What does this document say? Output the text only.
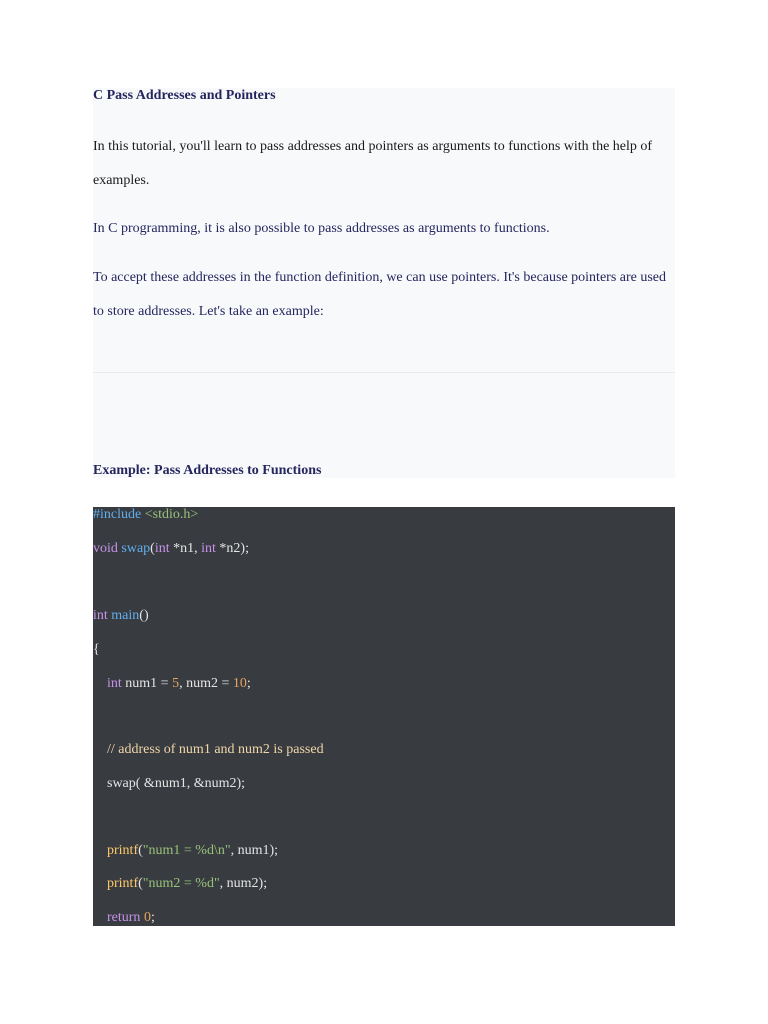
C Pass Addresses and Pointers

In this tutorial, you'll learn to pass addresses and pointers as arguments to functions with the help of examples.

In C programming, it is also possible to pass addresses as arguments to functions.

To accept these addresses in the function definition, we can use pointers. It's because pointers are used to store addresses. Let's take an example:

Example: Pass Addresses to Functions
#include <stdio.h>
void swap(int *n1, int *n2);
int main()
{
int num1 = 5, num2 = 10;
// address of num1 and num2 is passed
swap( &num1, &num2);
printf("num1 = %d\n", num1);
printf("num2 = %d", num2);
return 0;
